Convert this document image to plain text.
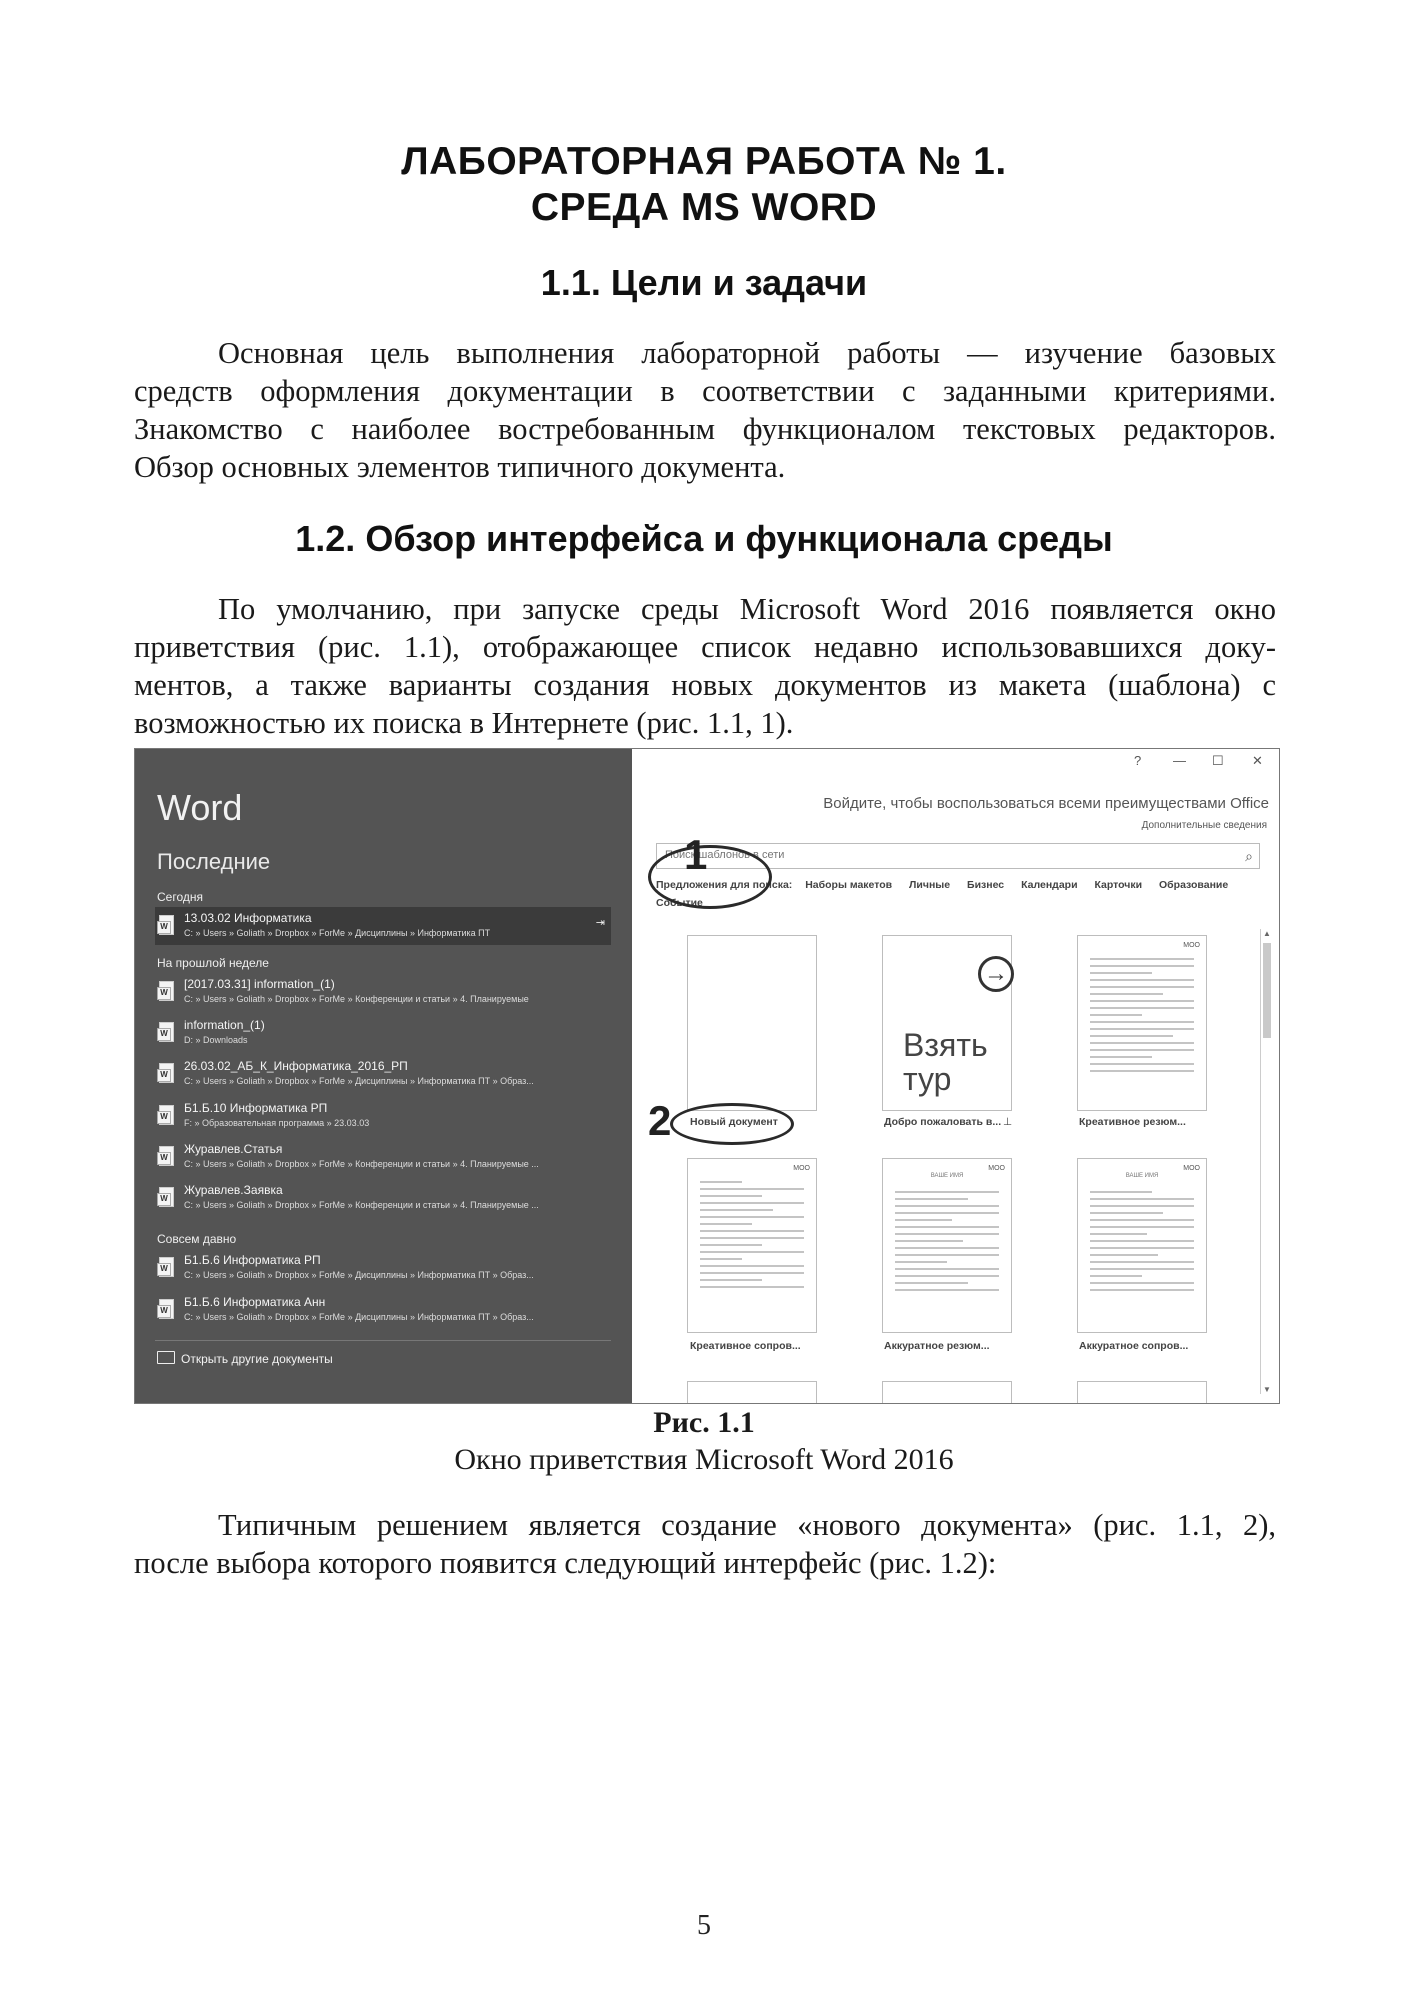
ЛАБОРАТОРНАЯ РАБОТА № 1.
СРЕДА MS WORD
1.1. Цели и задачи
Основная цель выполнения лабораторной работы — изучение базовых
средств оформления документации в соответствии с заданными критериями.
Знакомство с наиболее востребованным функционалом текстовых редакторов.
Обзор основных элементов типичного документа.
1.2. Обзор интерфейса и функционала среды
По умолчанию, при запуске среды Microsoft Word 2016 появляется окно
приветствия (рис. 1.1), отображающее список недавно использовавшихся доку-
ментов, а также варианты создания новых документов из макета (шаблона) с
возможностью их поиска в Интернете (рис. 1.1, 1).
Word
Последние
Сегодня
W
13.03.02 Информатика
C: » Users » Goliath » Dropbox » ForMe » Дисциплины » Информатика ПТ
⇥
На прошлой неделе
W
[2017.03.31] information_(1)
C: » Users » Goliath » Dropbox » ForMe » Конференции и статьи » 4. Планируемые
W
information_(1)
D: » Downloads
W
26.03.02_АБ_К_Информатика_2016_РП
C: » Users » Goliath » Dropbox » ForMe » Дисциплины » Информатика ПТ » Образ...
W
Б1.Б.10 Информатика РП
F: » Образовательная программа » 23.03.03
W
Журавлев.Статья
C: » Users » Goliath » Dropbox » ForMe » Конференции и статьи » 4. Планируемые ...
W
Журавлев.Заявка
C: » Users » Goliath » Dropbox » ForMe » Конференции и статьи » 4. Планируемые ...
Совсем давно
W
Б1.Б.6 Информатика РП
C: » Users » Goliath » Dropbox » ForMe » Дисциплины » Информатика ПТ » Образ...
W
Б1.Б.6 Информатика Анн
C: » Users » Goliath » Dropbox » ForMe » Дисциплины » Информатика ПТ » Образ...
Открыть другие документы
? — ☐ ✕
Войдите, чтобы воспользоваться всеми преимуществами Office
Дополнительные сведения
Поиск шаблонов в сети
⌕
Предложения для поиска: Наборы макетов Личные Бизнес Календари Карточки Образование
Событие
1
▲
▼
Новый документ
2
→
Взять
тур
Добро пожаловать в... ⊥
МОО
Креативное резюм...
МОО
Креативное сопров...
МОО
ВАШЕ ИМЯ
Аккуратное резюм...
МОО
ВАШЕ ИМЯ
Аккуратное сопров...
Рис. 1.1
Окно приветствия Microsoft Word 2016
Типичным решением является создание «нового документа» (рис. 1.1, 2),
после выбора которого появится следующий интерфейс (рис. 1.2):
5
